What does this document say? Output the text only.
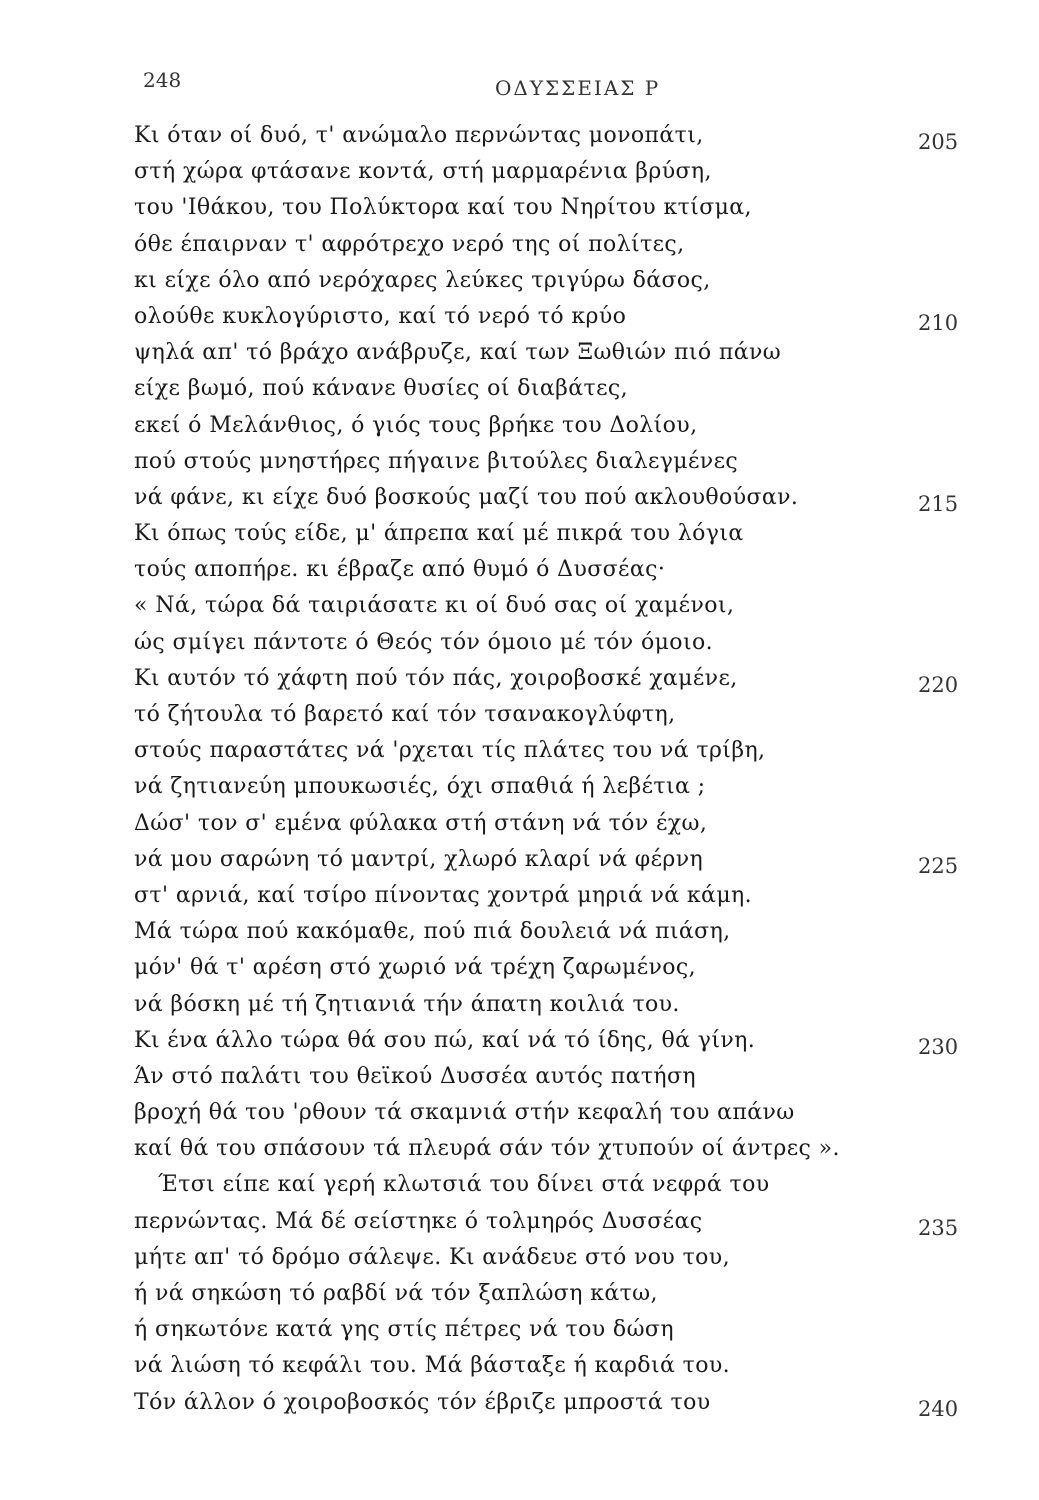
248	ΟΔΥΣΣΕΙΑΣ Ρ
Κι όταν οί δυό, τ' ανώμαλο περνώντας μονοπάτι,	205
στή χώρα φτάσανε κοντά, στή μαρμαρένια βρύση,
του 'Ιθάκου, του Πολύκτορα καί του Νηρίτου κτίσμα,
όθε έπαιρναν τ' αφρότρεχο νερό της οί πολίτες,
κι είχε όλο από νερόχαρες λεύκες τριγύρω δάσος,
ολούθε κυκλογύριστο, καί τό νερό τό κρύο	210
ψηλά απ' τό βράχο ανάβρυζε, καί των Ξωθιών πιό πάνω
είχε βωμό, πού κάνανε θυσίες οί διαβάτες,
εκεί ό Μελάνθιος, ό γιός τους βρήκε του Δολίου,
πού στούς μνηστήρες πήγαινε βιτούλες διαλεγμένες
νά φάνε, κι είχε δυό βοσκούς μαζί του πού ακλουθούσαν.	215
Κι όπως τούς είδε, μ' άπρεπα καί μέ πικρά του λόγια
τούς αποπήρε. κι έβραζε από θυμό ό Δυσσέας·
« Νά, τώρα δά ταιριάσατε κι οί δυό σας οί χαμένοι,
ώς σμίγει πάντοτε ό Θεός τόν όμοιο μέ τόν όμοιο.
Κι αυτόν τό χάφτη πού τόν πάς, χοιροβοσκέ χαμένε,	220
τό ζήτουλα τό βαρετό καί τόν τσανακογλύφτη,
στούς παραστάτες νά 'ρχεται τίς πλάτες του νά τρίβη,
νά ζητιανεύη μπουκωσιές, όχι σπαθιά ή λεβέτια ;
Δώσ' τον σ' εμένα φύλακα στή στάνη νά τόν έχω,
νά μου σαρώνη τό μαντρί, χλωρό κλαρί νά φέρνη	225
στ' αρνιά, καί τσίρο πίνοντας χοντρά μηριά νά κάμη.
Μά τώρα πού κακόμαθε, πού πιά δουλειά νά πιάση,
μόν' θά τ' αρέση στό χωριό νά τρέχη ζαρωμένος,
νά βόσκη μέ τή ζητιανιά τήν άπατη κοιλιά του.
Κι ένα άλλο τώρα θά σου πώ, καί νά τό ίδης, θά γίνη.	230
Άν στό παλάτι του θεϊκού Δυσσέα αυτός πατήση
βροχή θά του 'ρθουν τά σκαμνιά στήν κεφαλή του απάνω
καί θά του σπάσουν τά πλευρά σάν τόν χτυπούν οί άντρες ».
Έτσι είπε καί γερή κλωτσιά του δίνει στά νεφρά του
περνώντας. Μά δέ σείστηκε ό τολμηρός Δυσσέας	235
μήτε απ' τό δρόμο σάλεψε. Κι ανάδευε στό νου του,
ή νά σηκώση τό ραβδί νά τόν ξαπλώση κάτω,
ή σηκωτόνε κατά γης στίς πέτρες νά του δώση
νά λιώση τό κεφάλι του. Μά βάσταξε ή καρδιά του.
Τόν άλλον ό χοιροβοσκός τόν έβριζε μπροστά του	240
